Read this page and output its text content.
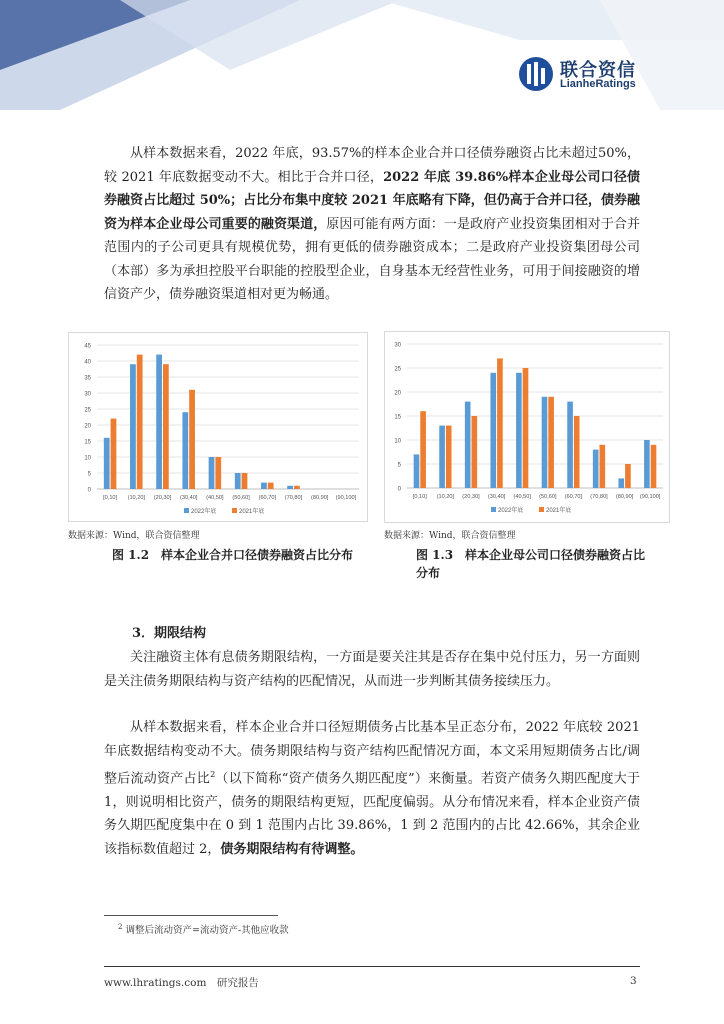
联合资信
LianheRatings

从样本数据来看，2022 年底，93.57%的样本企业合并口径债券融资占比未超过50%，较 2021 年底数据变动不大。相比于合并口径，2022 年底 39.86%样本企业母公司口径债券融资占比超过 50%；占比分布集中度较 2021 年底略有下降，但仍高于合并口径，债券融资为样本企业母公司重要的融资渠道，原因可能有两方面：一是政府产业投资集团相对于合并范围内的子公司更具有规模优势，拥有更低的债券融资成本；二是政府产业投资集团母公司（本部）多为承担控股平台职能的控股型企业，自身基本无经营性业务，可用于间接融资的增信资产少，债券融资渠道相对更为畅通。

0
5
10
15
20
25
30
35
40
45
[0,10] (10,20] (20,30] (30,40] (40,50] (50,60] (60,70] (70,80] (80,90] (90,100]
2022年底	2021年底
数据来源：Wind，联合资信整理
图 1.2　样本企业合并口径债券融资占比分布
0
5
10
15
20
25
30
[0,10] (10,20] (20,30] (30,40] (40,50] (50,60] (60,70] (70,80] (80,90] (90,100]
2022年底	2021年底
数据来源：Wind，联合资信整理
图 1.3　样本企业母公司口径债券融资占比分布
3．期限结构

关注融资主体有息债务期限结构，一方面是要关注其是否存在集中兑付压力，另一方面则是关注债务期限结构与资产结构的匹配情况，从而进一步判断其债务接续压力。

从样本数据来看，样本企业合并口径短期债务占比基本呈正态分布，2022 年底较 2021 年底数据结构变动不大。债务期限结构与资产结构匹配情况方面，本文采用短期债务占比/调整后流动资产占比$^2$（以下简称“资产债务久期匹配度”）来衡量。若资产债务久期匹配度大于 1，则说明相比资产，债务的期限结构更短，匹配度偏弱。从分布情况来看，样本企业资产债务久期匹配度集中在 0 到 1 范围内占比 39.86%，1 到 2 范围内的占比 42.66%，其余企业该指标数值超过 2，债务期限结构有待调整。

$^2$ 调整后流动资产=流动资产-其他应收款
www.lhratings.com　研究报告	3
